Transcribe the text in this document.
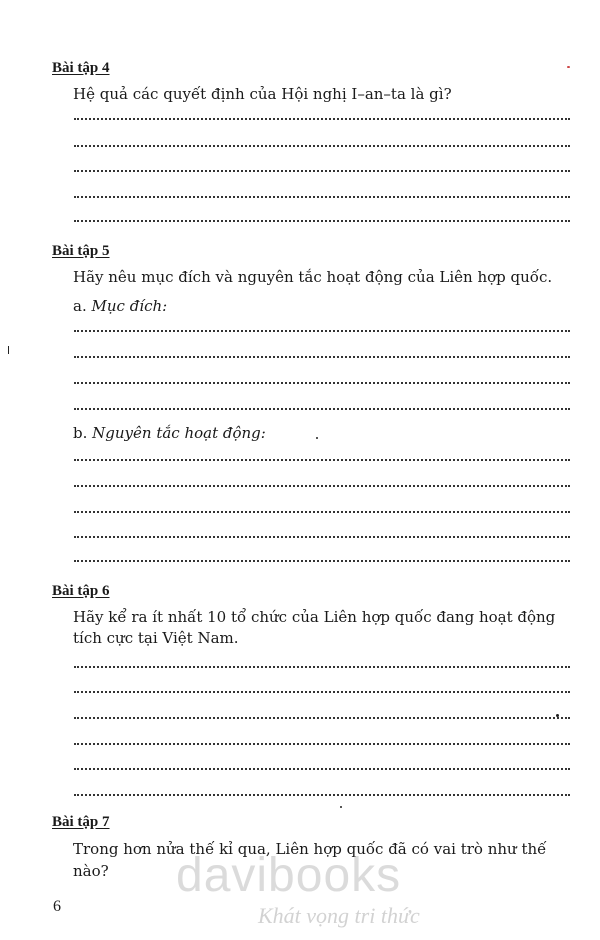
Bài tập 4
Hệ quả các quyết định của Hội nghị I–an–ta là gì?
Bài tập 5
Hãy nêu mục đích và nguyên tắc hoạt động của Liên hợp quốc.
a. Mục đích:
b. Nguyên tắc hoạt động:
Bài tập 6
Hãy kể ra ít nhất 10 tổ chức của Liên hợp quốc đang hoạt động
tích cực tại Việt Nam.
Bài tập 7
Trong hơn nửa thế kỉ qua, Liên hợp quốc đã có vai trò như thế
nào?
6
davibooks
Khát vọng tri thức
